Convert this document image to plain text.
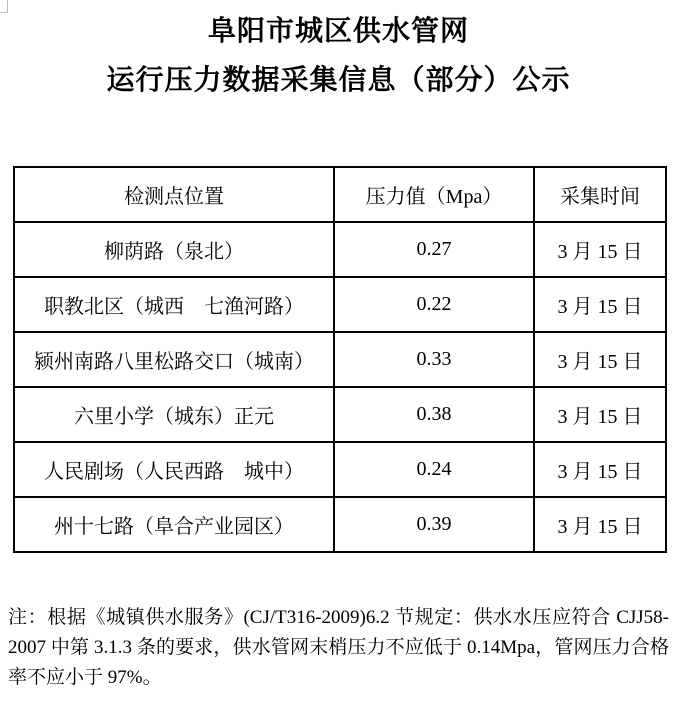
阜阳市城区供水管网
运行压力数据采集信息（部分）公示
检测点位置	压力值（Mpa）	采集时间
柳荫路（泉北）	0.27	3 月 15 日
职教北区（城西　七渔河路）	0.22	3 月 15 日
颍州南路八里松路交口（城南）	0.33	3 月 15 日
六里小学（城东）正元	0.38	3 月 15 日
人民剧场（人民西路　城中）	0.24	3 月 15 日
州十七路（阜合产业园区）	0.39	3 月 15 日

注：根据《城镇供水服务》(CJ/T316-2009)6.2 节规定：供水水压应符合 CJJ58-2007 中第 3.1.3 条的要求，供水管网末梢压力不应低于 0.14Mpa，管网压力合格率不应小于 97%。
